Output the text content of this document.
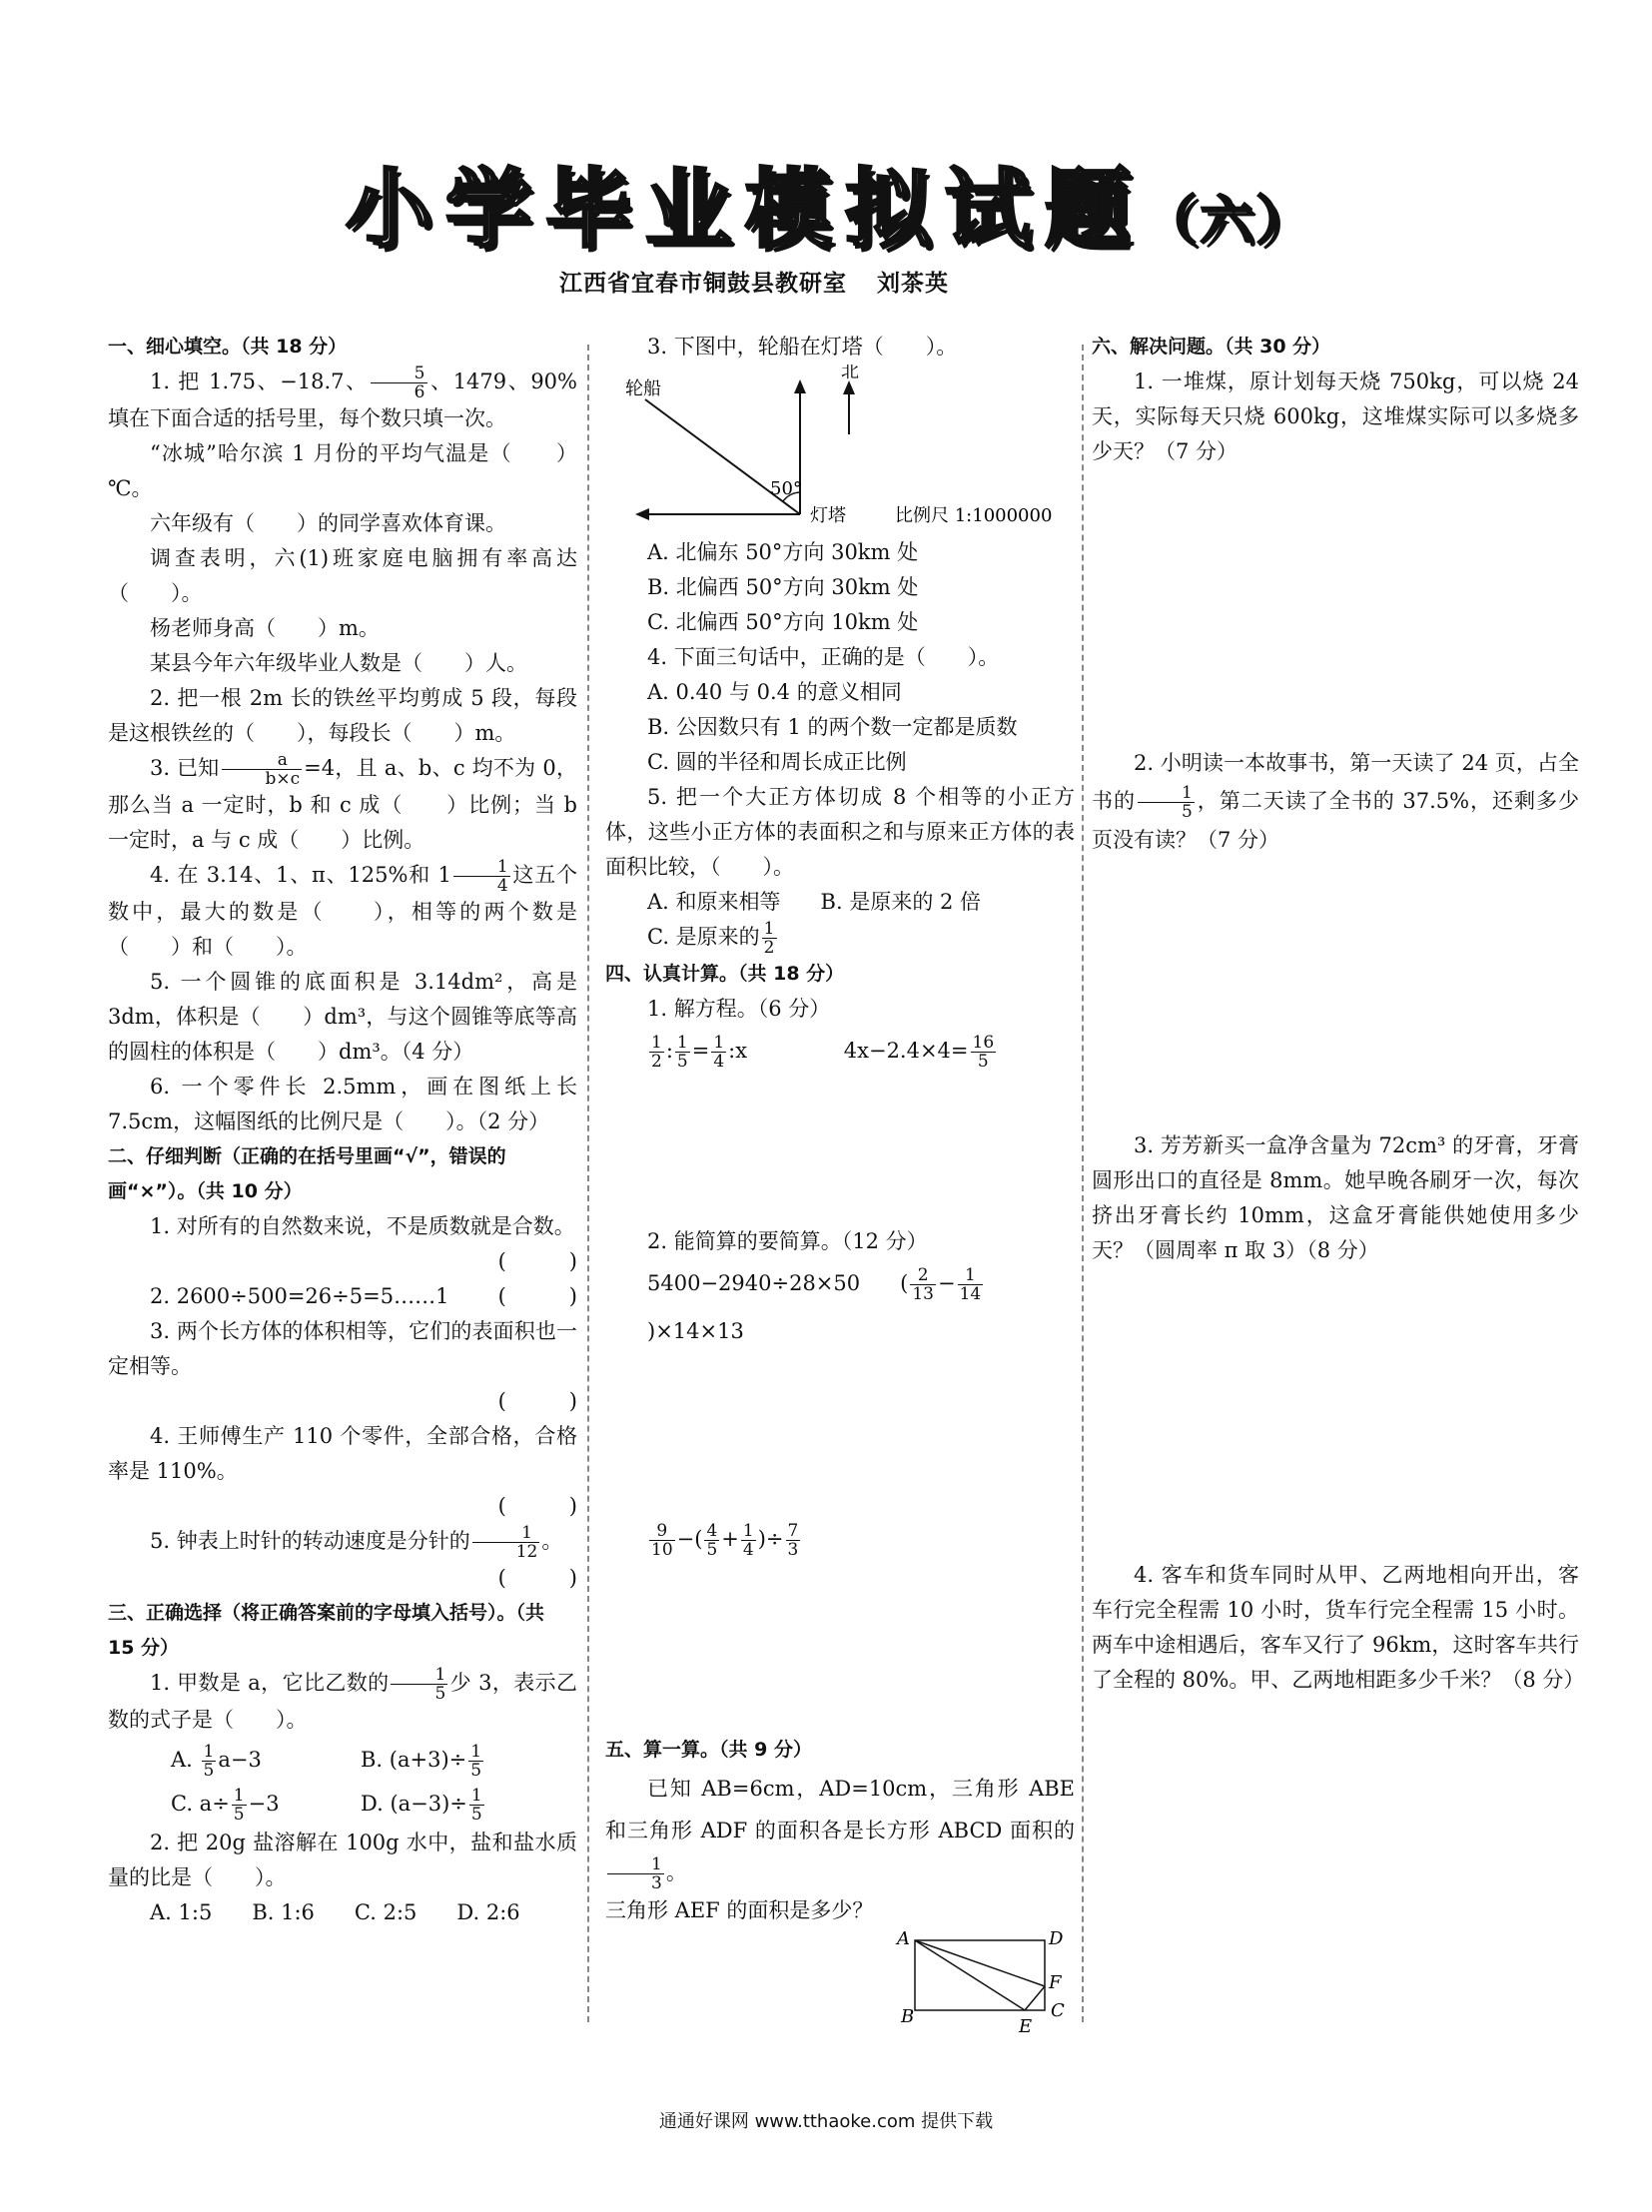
小学毕业模拟试题（六）
江西省宜春市铜鼓县教研室 刘茶英
一、细心填空。（共 18 分）

1. 把 1.75、−18.7、 $\frac{5}{6}$ 、1479、90%填在下面合适的括号里，每个数只填一次。

“冰城”哈尔滨 1 月份的平均气温是（　　）℃。

六年级有（　　）的同学喜欢体育课。

调查表明，六(1)班家庭电脑拥有率高达（　　）。

杨老师身高（　　）m。

某县今年六年级毕业人数是（　　）人。

2. 把一根 2m 长的铁丝平均剪成 5 段，每段是这根铁丝的（　　），每段长（　　）m。

3. 已知 $\frac{a}{b\times c} =4$，且 a、b、c 均不为 0，那么当 a 一定时，b 和 c 成（　　）比例；当 b 一定时，a 与 c 成（　　）比例。

4. 在 3.14、1、π、125%和 $1 \frac{1}{4}$ 这五个数中，最大的数是（　　），相等的两个数是（　　）和（　　）。

5. 一个圆锥的底面积是 3.14dm²，高是 3dm，体积是（　　）dm³，与这个圆锥等底等高的圆柱的体积是（　　）dm³。（4 分）

6. 一个零件长 2.5mm，画在图纸上长 7.5cm，这幅图纸的比例尺是（　　）。（2 分）

二、仔细判断（正确的在括号里画“√”，错误的画“×”）。（共 10 分）

1. 对所有的自然数来说，不是质数就是合数。

(　　　)

2. 2600÷500=26÷5=5……1	(　　　)

3. 两个长方体的体积相等，它们的表面积也一定相等。

(　　　)

4. 王师傅生产 110 个零件，全部合格，合格率是 110%。

(　　　)

5. 钟表上时针的转动速度是分针的 $\frac{1}{12}$ 。

(　　　)
三、正确选择（将正确答案前的字母填入括号）。（共 15 分）

1. 甲数是 a，它比乙数的 $\frac{1}{5}$ 少 3，表示乙数的式子是（　　）。

A. $\frac{1}{5} a-3$	B. $(a+3)\div \frac{1}{5}$

C. $a\div \frac{1}{5} -3$	D. $(a-3)\div \frac{1}{5}$

2. 把 20g 盐溶解在 100g 水中，盐和盐水质量的比是（　　）。

A. 1:5 B. 1:6 C. 2:5 D. 2:6

3. 下图中，轮船在灯塔（　　）。

轮船
北
50°
灯塔	比例尺 1:1000000
A. 北偏东 50°方向 30km 处
B. 北偏西 50°方向 30km 处
C. 北偏西 50°方向 10km 处

4. 下面三句话中，正确的是（　　）。

A. 0.40 与 0.4 的意义相同
B. 公因数只有 1 的两个数一定都是质数
C. 圆的半径和周长成正比例

5. 把一个大正方体切成 8 个相等的小正方体，这些小正方体的表面积之和与原来正方体的表面积比较，（　　）。

A. 和原来相等 B. 是原来的 2 倍
C. 是原来的 $\frac{1}{2}$
四、认真计算。（共 18 分）
1. 解方程。（6 分）
$\frac{1}{2}$ : $\frac{1}{5} = \frac{1}{4}$ :x	$4x-2.4\times 4= \frac{16}{5}$
2. 能简算的要简算。（12 分）
5400−2940÷28×50 ( $\frac{2}{13} - \frac{1}{14}$
)×14×13
$\frac{9}{10}$ −( $\frac{4}{5} + \frac{1}{4}$ )÷ $\frac{7}{3}$
五、算一算。（共 9 分）

已知 AB=6cm，AD=10cm，三角形 ABE 和三角形 ADF 的面积各是长方形 ABCD 面积的
$\frac{1}{3}$ 。

三角形 AEF 的面积是多少？
A	D
F
B	C
E
六、解决问题。（共 30 分）

1. 一堆煤，原计划每天烧 750kg，可以烧 24 天，实际每天只烧 600kg，这堆煤实际可以多烧多少天？（7 分）

2. 小明读一本故事书，第一天读了 24 页，占全书的 $\frac{1}{5}$ ，第二天读了全书的 37.5%，还剩多少页没有读？（7 分）

3. 芳芳新买一盒净含量为 72cm³ 的牙膏，牙膏圆形出口的直径是 8mm。她早晚各刷牙一次，每次挤出牙膏长约 10mm，这盒牙膏能供她使用多少天？（圆周率 π 取 3）（8 分）

4. 客车和货车同时从甲、乙两地相向开出，客车行完全程需 10 小时，货车行完全程需 15 小时。两车中途相遇后，客车又行了 96km，这时客车共行了全程的 80%。甲、乙两地相距多少千米？（8 分）

通通好课网 www.tthaoke.com 提供下载
